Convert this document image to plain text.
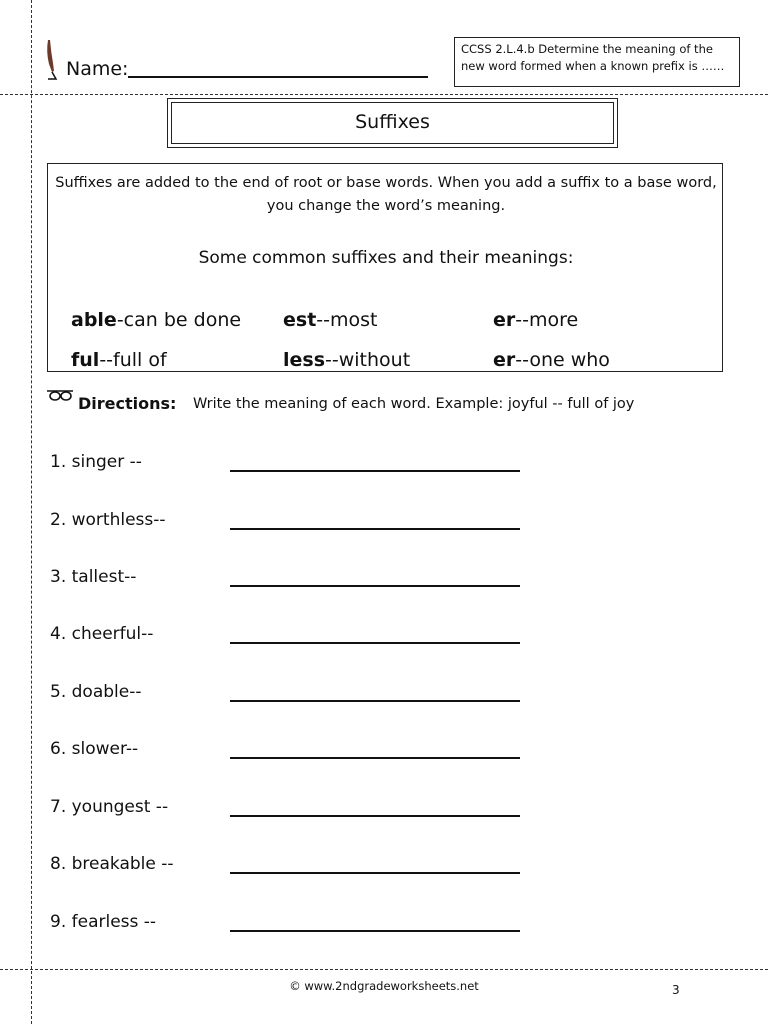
Name:
CCSS 2.L.4.b Determine the meaning of the new word formed when a known prefix is ……
Suffixes
Suffixes are added to the end of root or base words. When you add a suffix to a base word, you change the word’s meaning.
Some common suffixes and their meanings:
able-can be done est--most	er--more
ful--full of	less--without	er--one who
Directions: Write the meaning of each word. Example: joyful -- full of joy
1. singer --
2. worthless--
3. tallest--
4. cheerful--
5. doable--
6. slower--
7. youngest --
8. breakable --
9. fearless --
© www.2ndgradeworksheets.net	3
